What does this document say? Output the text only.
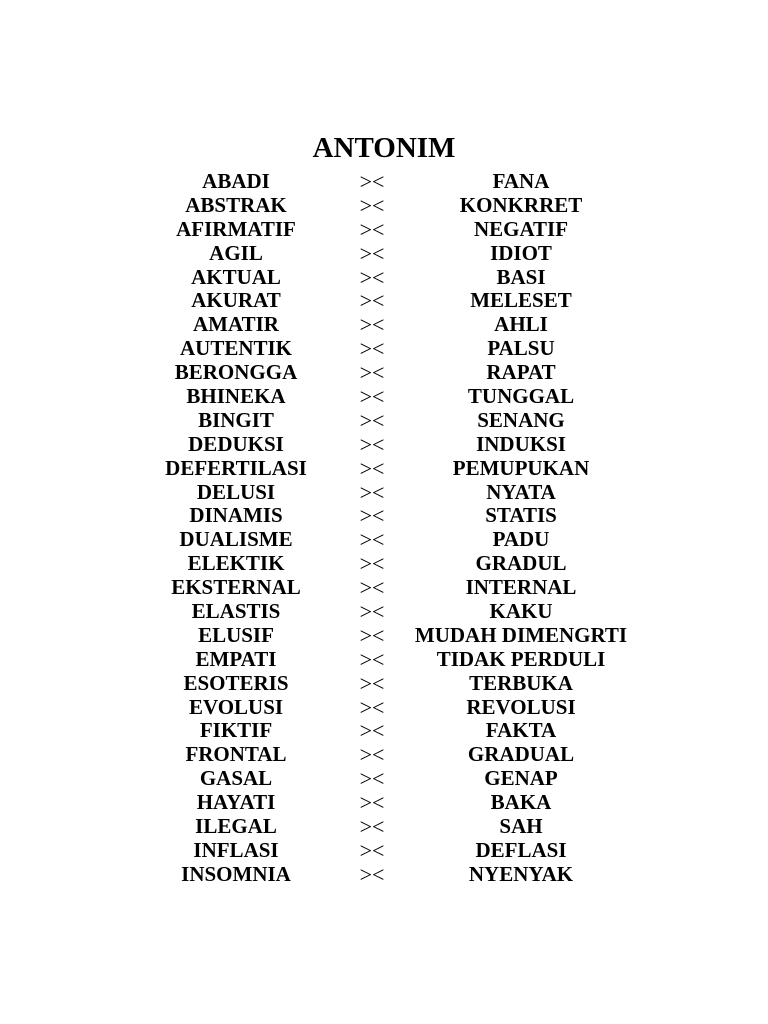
ANTONIM
ABADI	><	FANA
ABSTRAK	><	KONKRRET
AFIRMATIF	><	NEGATIF
AGIL	><	IDIOT
AKTUAL	><	BASI
AKURAT	><	MELESET
AMATIR	><	AHLI
AUTENTIK	><	PALSU
BERONGGA	><	RAPAT
BHINEKA	><	TUNGGAL
BINGIT	><	SENANG
DEDUKSI	><	INDUKSI
DEFERTILASI	><	PEMUPUKAN
DELUSI	><	NYATA
DINAMIS	><	STATIS
DUALISME	><	PADU
ELEKTIK	><	GRADUL
EKSTERNAL	><	INTERNAL
ELASTIS	><	KAKU
ELUSIF	><	MUDAH DIMENGRTI
EMPATI	><	TIDAK PERDULI
ESOTERIS	><	TERBUKA
EVOLUSI	><	REVOLUSI
FIKTIF	><	FAKTA
FRONTAL	><	GRADUAL
GASAL	><	GENAP
HAYATI	><	BAKA
ILEGAL	><	SAH
INFLASI	><	DEFLASI
INSOMNIA	><	NYENYAK
